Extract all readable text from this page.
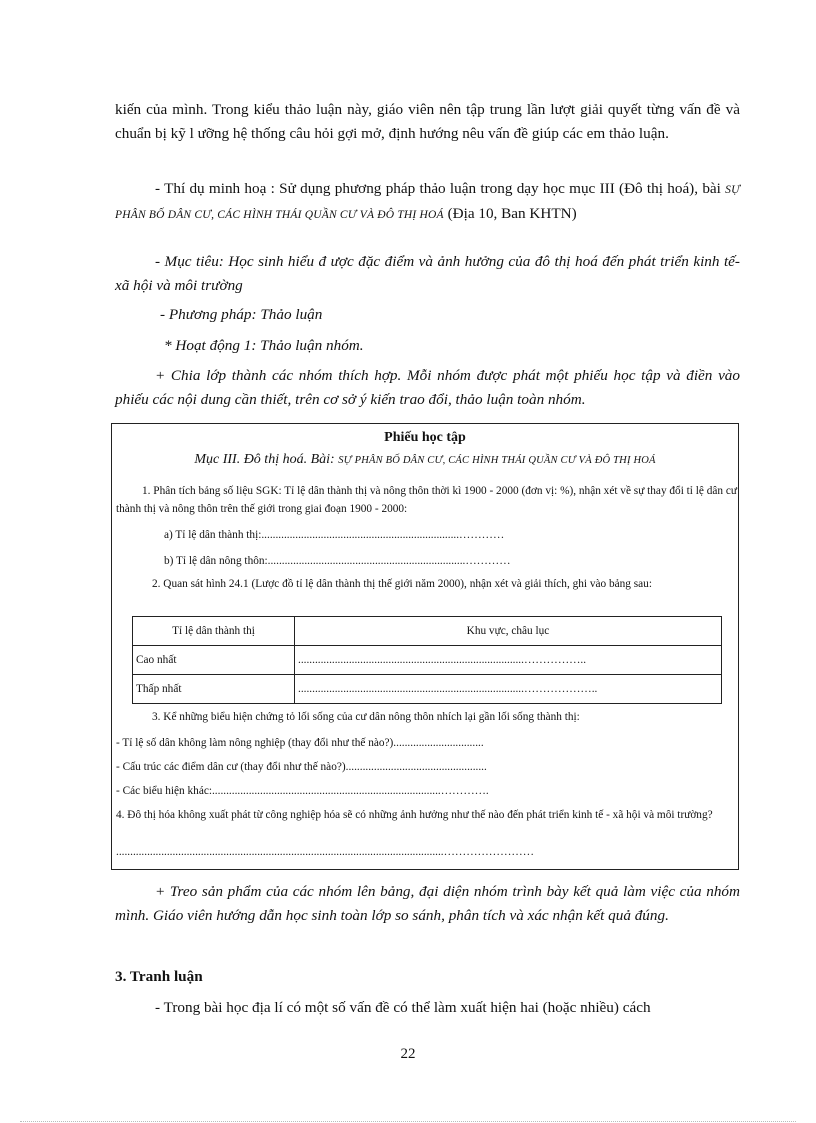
kiến của mình. Trong kiểu thảo luận này, giáo viên nên tập trung lần lượt giải quyết từng vấn đề và chuẩn bị kỹ l ưỡng hệ thống câu hỏi gợi mở, định hướng nêu vấn đề giúp các em thảo luận.

- Thí dụ minh hoạ : Sử dụng phương pháp thảo luận trong dạy học mục III (Đô thị hoá), bài SỰ PHÂN BỐ DÂN CƯ, CÁC HÌNH THÁI QUẦN CƯ VÀ ĐÔ THỊ HOÁ (Địa 10, Ban KHTN)

- Mục tiêu: Học sinh hiểu đ ược đặc điểm và ảnh hưởng của đô thị hoá đến phát triển kinh tế- xã hội và môi trường

- Phương pháp: Thảo luận

* Hoạt động 1: Thảo luận nhóm.

+ Chia lớp thành các nhóm thích hợp. Mỗi nhóm được phát một phiếu học tập và điền vào phiếu các nội dung cần thiết, trên cơ sở ý kiến trao đổi, thảo luận toàn nhóm.

Phiếu học tập
Mục III. Đô thị hoá. Bài: SỰ PHÂN BỐ DÂN CƯ, CÁC HÌNH THÁI QUẦN CƯ VÀ ĐÔ THỊ HOÁ
1. Phân tích bảng số liệu SGK: Tỉ lệ dân thành thị và nông thôn thời kì 1900 - 2000 (đơn vị: %), nhận xét về sự thay đổi tỉ lệ dân cư thành thị và nông thôn trên thế giới trong giai đoạn 1900 - 2000:
a) Tỉ lệ dân thành thị:......................................................................…………
b) Tỉ lệ dân nông thôn:......................................................................…………
2. Quan sát hình 24.1 (Lược đồ tỉ lệ dân thành thị thế giới năm 2000), nhận xét và giải thích, ghi vào bảng sau:
Tỉ lệ dân thành thị	Khu vực, châu lục
Cao nhất	................................................................................……………..
Thấp nhất	................................................................................………………..
3. Kể những biểu hiện chứng tỏ lối sống của cư dân nông thôn nhích lại gần lối sống thành thị:
- Tỉ lệ số dân không làm nông nghiệp (thay đổi như thế nào?)................................
- Cấu trúc các điểm dân cư (thay đổi như thế nào?)..................................................
- Các biểu hiện khác:.................................................................................………….
4. Đô thị hóa không xuất phát từ công nghiệp hóa sẽ có những ảnh hưởng như thế nào đến phát triển kinh tế - xã hội và môi trường?
....................................................................................................................……………………

+ Treo sản phẩm của các nhóm lên bảng, đại diện nhóm trình bày kết quả làm việc của nhóm mình. Giáo viên hướng dẫn học sinh toàn lớp so sánh, phân tích và xác nhận kết quả đúng.

3. Tranh luận

- Trong bài học địa lí có một số vấn đề có thể làm xuất hiện hai (hoặc nhiều) cách

22
